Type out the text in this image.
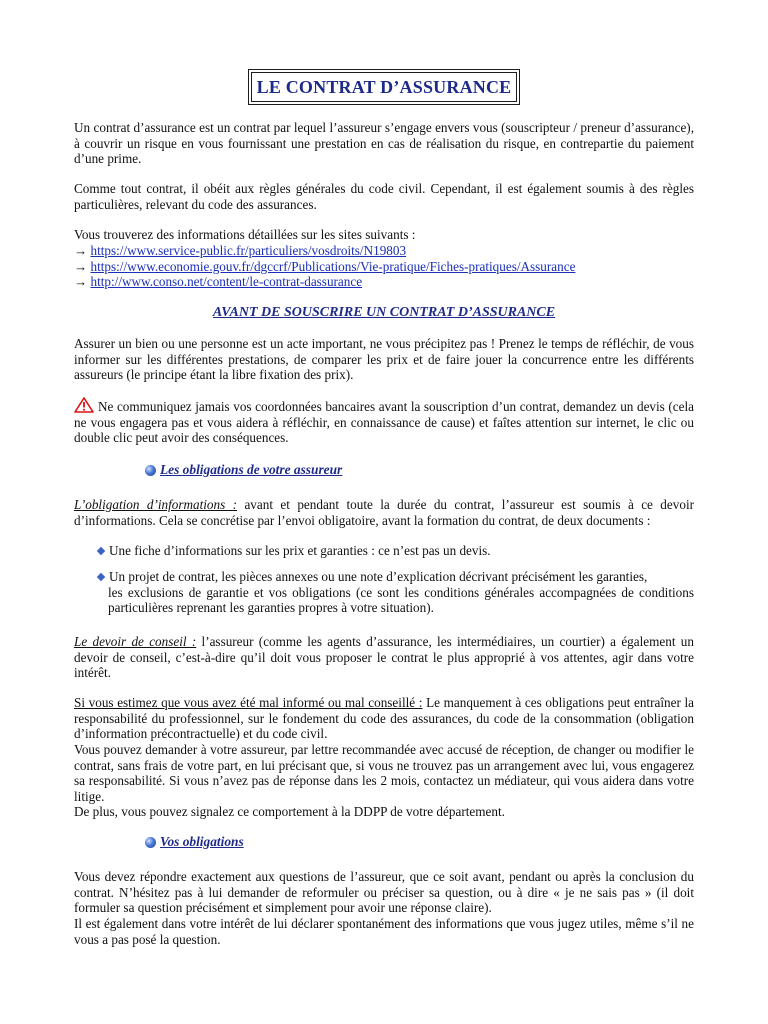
LE CONTRAT D’ASSURANCE

Un contrat d’assurance est un contrat par lequel l’assureur s’engage envers vous (souscripteur / preneur d’assurance), à couvrir un risque en vous fournissant une prestation en cas de réalisation du risque, en contrepartie du paiement d’une prime.

Comme tout contrat, il obéit aux règles générales du code civil. Cependant, il est également soumis à des règles particulières, relevant du code des assurances.

Vous trouverez des informations détaillées sur les sites suivants :

→ https://www.service-public.fr/particuliers/vosdroits/N19803
→ https://www.economie.gouv.fr/dgccrf/Publications/Vie-pratique/Fiches-pratiques/Assurance
→ http://www.conso.net/content/le-contrat-dassurance
AVANT DE SOUSCRIRE UN CONTRAT D’ASSURANCE

Assurer un bien ou une personne est un acte important, ne vous précipitez pas ! Prenez le temps de réfléchir, de vous informer sur les différentes prestations, de comparer les prix et de faire jouer la concurrence entre les différents assureurs (le principe étant la libre fixation des prix).

Ne communiquez jamais vos coordonnées bancaires avant la souscription d’un contrat, demandez un devis (cela ne vous engagera pas et vous aidera à réfléchir, en connaissance de cause) et faîtes attention sur internet, le clic ou double clic peut avoir des conséquences.

Les obligations de votre assureur

L’obligation d’informations : avant et pendant toute la durée du contrat, l’assureur est soumis à ce devoir d’informations. Cela se concrétise par l’envoi obligatoire, avant la formation du contrat, de deux documents :

Une fiche d’informations sur les prix et garanties : ce n’est pas un devis.
Un projet de contrat, les pièces annexes ou une note d’explication décrivant précisément les garanties,
les exclusions de garantie et vos obligations (ce sont les conditions générales accompagnées de conditions particulières reprenant les garanties propres à votre situation).

Le devoir de conseil : l’assureur (comme les agents d’assurance, les intermédiaires, un courtier) a également un devoir de conseil, c’est-à-dire qu’il doit vous proposer le contrat le plus approprié à vos attentes, agir dans votre intérêt.

Si vous estimez que vous avez été mal informé ou mal conseillé : Le manquement à ces obligations peut entraîner la responsabilité du professionnel, sur le fondement du code des assurances, du code de la consommation (obligation d’information précontractuelle) et du code civil.

Vous pouvez demander à votre assureur, par lettre recommandée avec accusé de réception, de changer ou modifier le contrat, sans frais de votre part, en lui précisant que, si vous ne trouvez pas un arrangement avec lui, vous engagerez sa responsabilité. Si vous n’avez pas de réponse dans les 2 mois, contactez un médiateur, qui vous aidera dans votre litige.

De plus, vous pouvez signalez ce comportement à la DDPP de votre département.

Vos obligations

Vous devez répondre exactement aux questions de l’assureur, que ce soit avant, pendant ou après la conclusion du contrat. N’hésitez pas à lui demander de reformuler ou préciser sa question, ou à dire « je ne sais pas » (il doit formuler sa question précisément et simplement pour avoir une réponse claire).

Il est également dans votre intérêt de lui déclarer spontanément des informations que vous jugez utiles, même s’il ne vous a pas posé la question.
